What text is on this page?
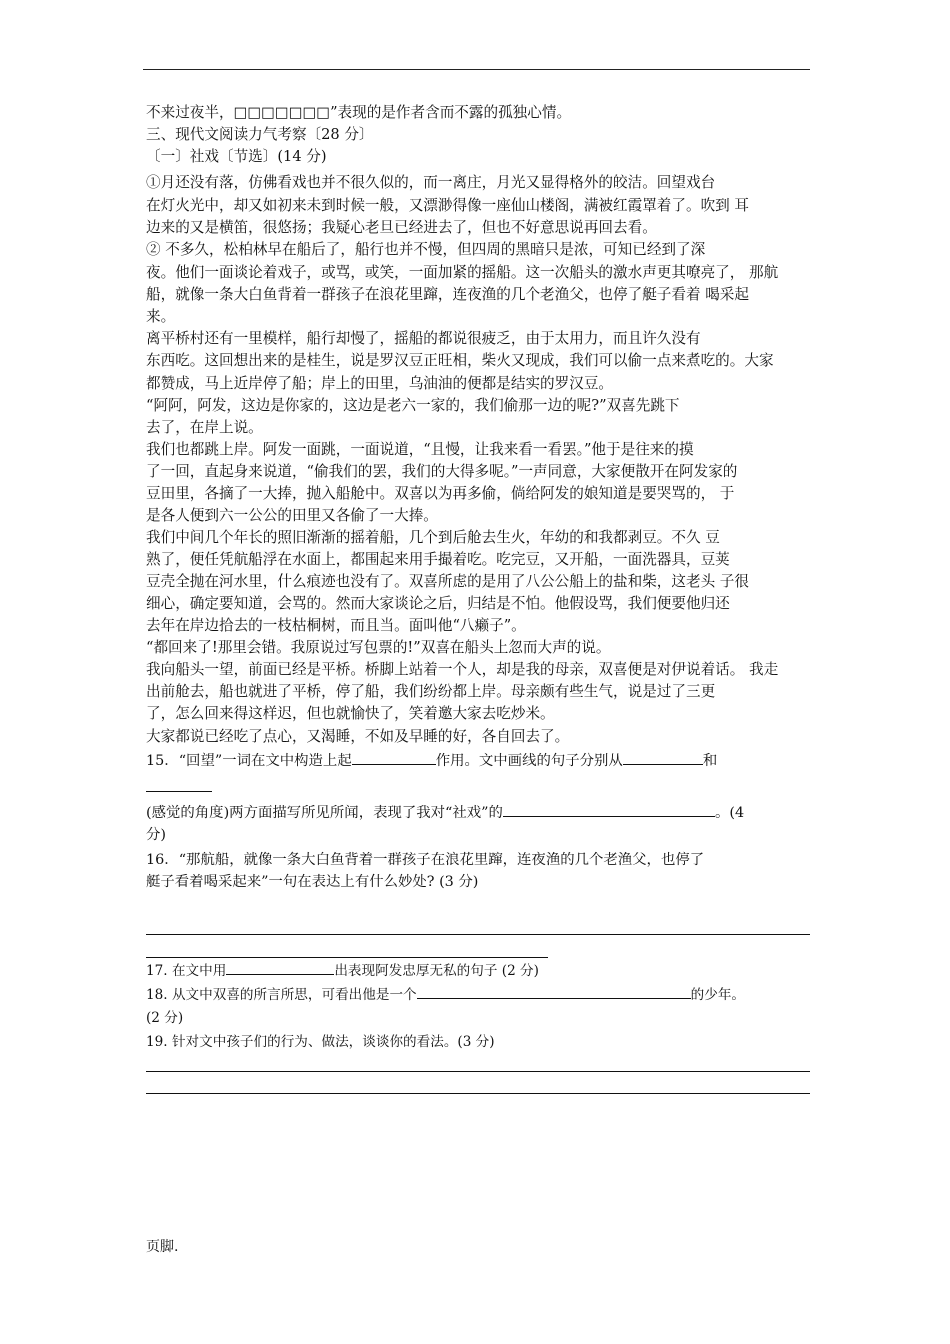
不来过夜半，□□□□□□□”表现的是作者含而不露的孤独心情。
三、现代文阅读力气考察〔28 分〕
〔一〕社戏〔节选〕(14 分)
①月还没有落，仿佛看戏也并不很久似的，而一离庄，月光又显得格外的皎洁。回望戏台
在灯火光中，却又如初来未到时候一般，又漂渺得像一座仙山楼阁，满被红霞罩着了。吹到 耳
边来的又是横笛，很悠扬；我疑心老旦已经进去了，但也不好意思说再回去看。
② 不多久，松柏林早在船后了，船行也并不慢，但四周的黑暗只是浓，可知已经到了深
夜。他们一面谈论着戏子，或骂，或笑，一面加紧的摇船。这一次船头的激水声更其嘹亮了， 那航
船，就像一条大白鱼背着一群孩子在浪花里蹿，连夜渔的几个老渔父，也停了艇子看着 喝采起
来。
离平桥村还有一里模样，船行却慢了，摇船的都说很疲乏，由于太用力，而且许久没有
东西吃。这回想出来的是桂生，说是罗汉豆正旺相，柴火又现成，我们可以偷一点来煮吃的。大家
都赞成，马上近岸停了船；岸上的田里，乌油油的便都是结实的罗汉豆。
“阿阿，阿发，这边是你家的，这边是老六一家的，我们偷那一边的呢?”双喜先跳下
去了，在岸上说。
我们也都跳上岸。阿发一面跳，一面说道，“且慢，让我来看一看罢。”他于是往来的摸
了一回，直起身来说道，“偷我们的罢，我们的大得多呢。”一声同意，大家便散开在阿发家的
豆田里，各摘了一大捧，抛入船舱中。双喜以为再多偷，倘给阿发的娘知道是要哭骂的， 于
是各人便到六一公公的田里又各偷了一大捧。
我们中间几个年长的照旧渐渐的摇着船，几个到后舱去生火，年幼的和我都剥豆。不久 豆
熟了，便任凭航船浮在水面上，都围起来用手撮着吃。吃完豆，又开船，一面洗器具，豆荚
豆壳全抛在河水里，什么痕迹也没有了。双喜所虑的是用了八公公船上的盐和柴，这老头 子很
细心，确定要知道，会骂的。然而大家谈论之后，归结是不怕。他假设骂，我们便要他归还
去年在岸边拾去的一枝枯桐树，而且当。面叫他“八癞子”。
“都回来了!那里会错。我原说过写包票的!”双喜在船头上忽而大声的说。
我向船头一望，前面已经是平桥。桥脚上站着一个人，却是我的母亲，双喜便是对伊说着话。 我走
出前舱去，船也就进了平桥，停了船，我们纷纷都上岸。母亲颇有些生气，说是过了三更
了，怎么回来得这样迟，但也就愉快了，笑着邀大家去吃炒米。
大家都说已经吃了点心，又渴睡，不如及早睡的好，各自回去了。
15．“回望”一词在文中构造上起	作用。文中画线的句子分别从	和
(感觉的角度)两方面描写所见所闻，表现了我对“社戏”的	。(4
分)
16．“那航船，就像一条大白鱼背着一群孩子在浪花里蹿，连夜渔的几个老渔父，也停了
艇子看着喝采起来”一句在表达上有什么妙处? (3 分)
17. 在文中用	出表现阿发忠厚无私的句子 (2 分)
18. 从文中双喜的所言所思，可看出他是一个	的少年。
(2 分)
19. 针对文中孩子们的行为、做法，谈谈你的看法。(3 分)
页脚.
